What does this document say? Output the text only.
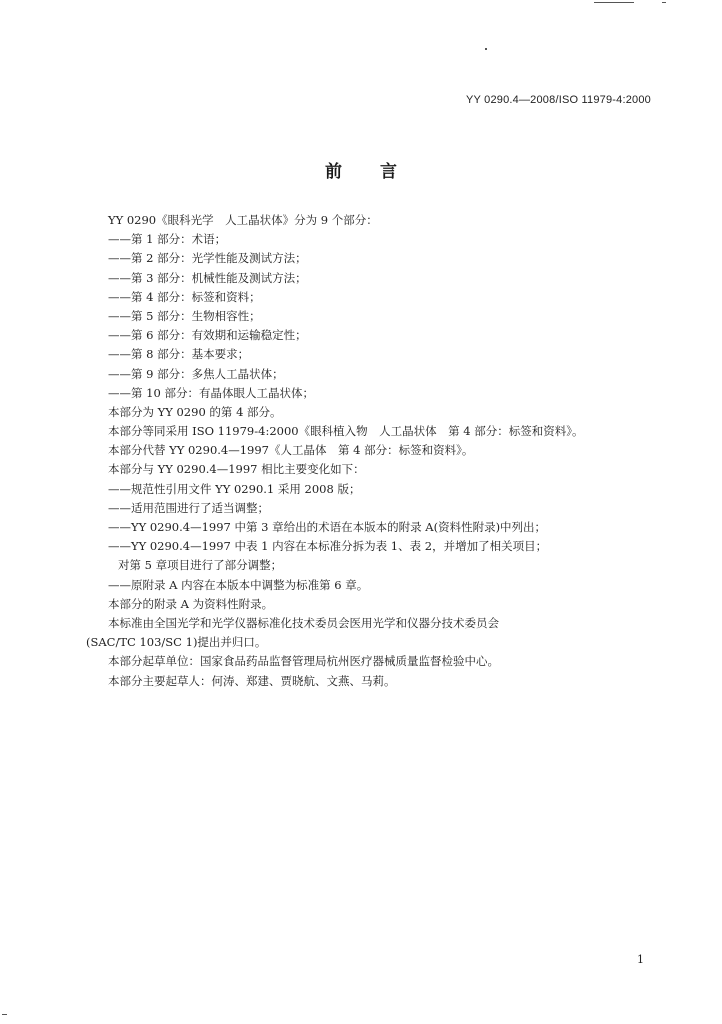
YY 0290.4—2008/ISO 11979-4:2000
前言
YY 0290《眼科光学　人工晶状体》分为 9 个部分：
——第 1 部分：术语；
——第 2 部分：光学性能及测试方法；
——第 3 部分：机械性能及测试方法；
——第 4 部分：标签和资料；
——第 5 部分：生物相容性；
——第 6 部分：有效期和运输稳定性；
——第 8 部分：基本要求；
——第 9 部分：多焦人工晶状体；
——第 10 部分：有晶体眼人工晶状体；
本部分为 YY 0290 的第 4 部分。
本部分等同采用 ISO 11979-4:2000《眼科植入物　人工晶状体　第 4 部分：标签和资料》。
本部分代替 YY 0290.4—1997《人工晶体　第 4 部分：标签和资料》。
本部分与 YY 0290.4—1997 相比主要变化如下：
——规范性引用文件 YY 0290.1 采用 2008 版；
——适用范围进行了适当调整；
——YY 0290.4—1997 中第 3 章给出的术语在本版本的附录 A(资料性附录)中列出；
——YY 0290.4—1997 中表 1 内容在本标准分拆为表 1、表 2，并增加了相关项目；
对第 5 章项目进行了部分调整；
——原附录 A 内容在本版本中调整为标准第 6 章。
本部分的附录 A 为资料性附录。
本标准由全国光学和光学仪器标准化技术委员会医用光学和仪器分技术委员会
(SAC/TC 103/SC 1)提出并归口。
本部分起草单位：国家食品药品监督管理局杭州医疗器械质量监督检验中心。
本部分主要起草人：何涛、郑建、贾晓航、文燕、马莉。
1
